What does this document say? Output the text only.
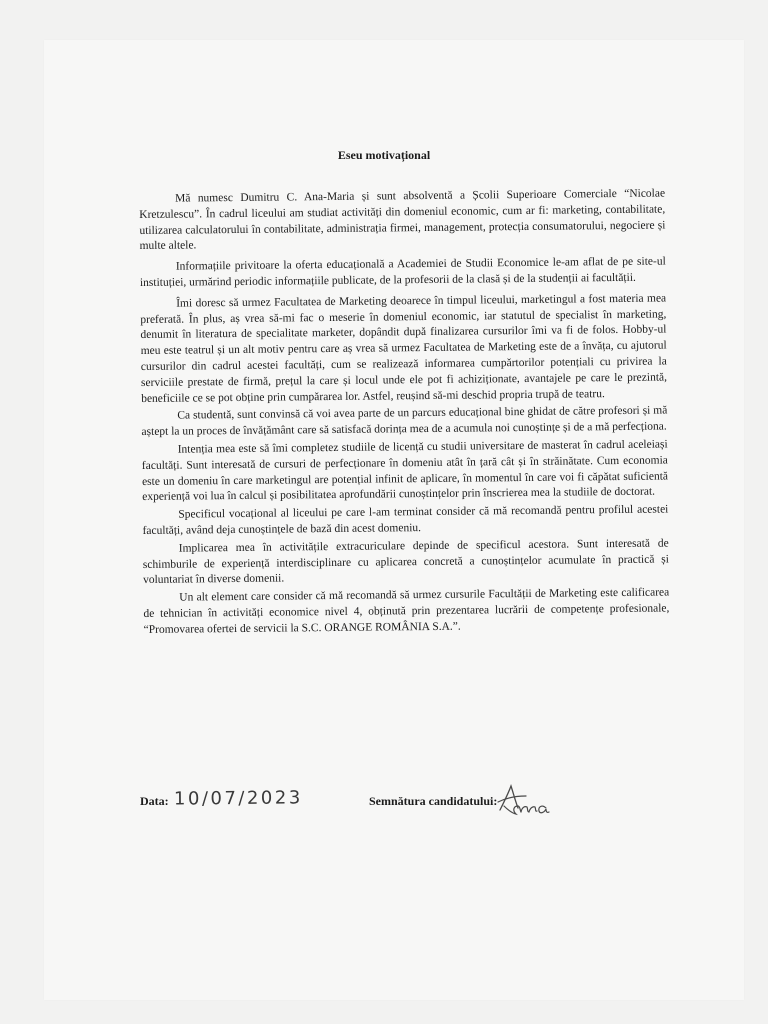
Eseu motivațional

Mă numesc Dumitru C. Ana-Maria și sunt absolventă a Școlii Superioare Comerciale “Nicolae Kretzulescu”. În cadrul liceului am studiat activități din domeniul economic, cum ar fi: marketing, contabilitate, utilizarea calculatorului în contabilitate, administrația firmei, management, protecția consumatorului, negociere și multe altele.

Informațiile privitoare la oferta educațională a Academiei de Studii Economice le-am aflat de pe site-ul instituției, urmărind periodic informațiile publicate, de la profesorii de la clasă și de la studenții ai facultății.

Îmi doresc să urmez Facultatea de Marketing deoarece în timpul liceului, marketingul a fost materia mea preferată. În plus, aș vrea să-mi fac o meserie în domeniul economic, iar statutul de specialist în marketing, denumit în literatura de specialitate marketer, dopândit după finalizarea cursurilor îmi va fi de folos. Hobby-ul meu este teatrul și un alt motiv pentru care aș vrea să urmez Facultatea de Marketing este de a învăța, cu ajutorul cursurilor din cadrul acestei facultăți, cum se realizează informarea cumpărtorilor potențiali cu privirea la serviciile prestate de firmă, prețul la care și locul unde ele pot fi achiziționate, avantajele pe care le prezintă, beneficiile ce se pot obține prin cumpărarea lor. Astfel, reușind să-mi deschid propria trupă de teatru.

Ca studentă, sunt convinsă că voi avea parte de un parcurs educațional bine ghidat de către profesori și mă aștept la un proces de învățământ care să satisfacă dorința mea de a acumula noi cunoștințe și de a mă perfecționa.

Intenția mea este să îmi completez studiile de licență cu studii universitare de masterat în cadrul aceleiași facultăți. Sunt interesată de cursuri de perfecționare în domeniu atât în țară cât și în străinătate. Cum economia este un domeniu în care marketingul are potențial infinit de aplicare, în momentul în care voi fi căpătat suficientă experiență voi lua în calcul și posibilitatea aprofundării cunoștințelor prin înscrierea mea la studiile de doctorat.

Specificul vocațional al liceului pe care l-am terminat consider că mă recomandă pentru profilul acestei facultăți, având deja cunoștințele de bază din acest domeniu.

Implicarea mea în activitățile extracuriculare depinde de specificul acestora. Sunt interesată de schimburile de experiență interdisciplinare cu aplicarea concretă a cunoștințelor acumulate în practică și voluntariat în diverse domenii.

Un alt element care consider că mă recomandă să urmez cursurile Facultății de Marketing este calificarea de tehnician în activități economice nivel 4, obținută prin prezentarea lucrării de competențe profesionale, “Promovarea ofertei de servicii la S.C. ORANGE ROMÂNIA S.A.”.

Data: 10/07/2023	Semnătura candidatului:
